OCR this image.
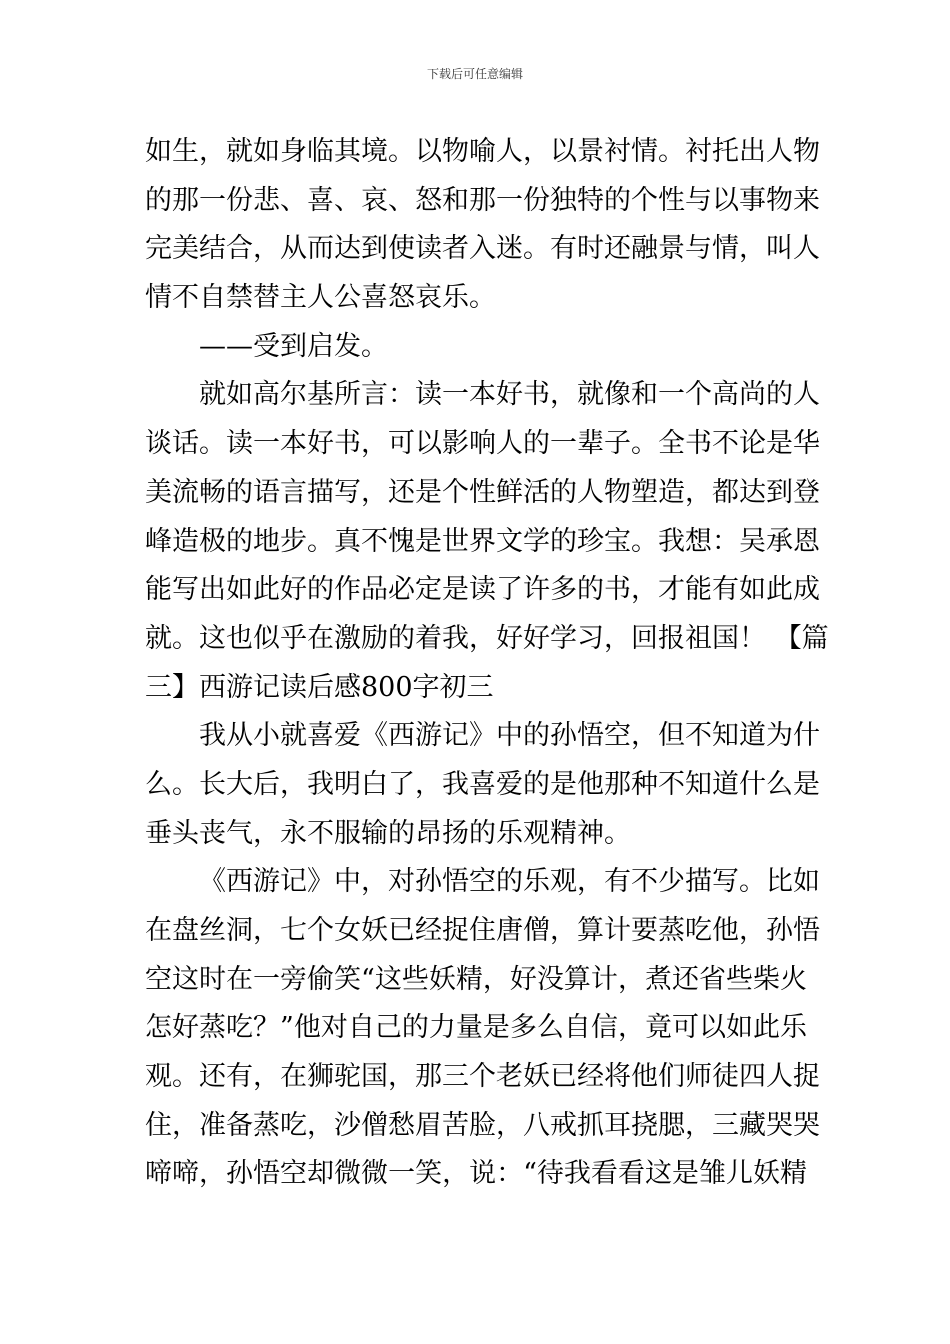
下载后可任意编辑
如生，就如身临其境。以物喻人，以景衬情。衬托出人物
的那一份悲、喜、哀、怒和那一份独特的个性与以事物来
完美结合，从而达到使读者入迷。有时还融景与情，叫人
情不自禁替主人公喜怒哀乐。
——受到启发。
就如高尔基所言：读一本好书，就像和一个高尚的人
谈话。读一本好书，可以影响人的一辈子。全书不论是华
美流畅的语言描写，还是个性鲜活的人物塑造，都达到登
峰造极的地步。真不愧是世界文学的珍宝。我想：吴承恩
能写出如此好的作品必定是读了许多的书，才能有如此成
就。这也似乎在激励的着我，好好学习，回报祖国！ 【篇
三】西游记读后感800字初三
我从小就喜爱《西游记》中的孙悟空，但不知道为什
么。长大后，我明白了，我喜爱的是他那种不知道什么是
垂头丧气，永不服输的昂扬的乐观精神。
《西游记》中，对孙悟空的乐观，有不少描写。比如
在盘丝洞，七个女妖已经捉住唐僧，算计要蒸吃他，孙悟
空这时在一旁偷笑“这些妖精，好没算计，煮还省些柴火
怎好蒸吃？”他对自己的力量是多么自信，竟可以如此乐
观。还有，在狮驼国，那三个老妖已经将他们师徒四人捉
住，准备蒸吃，沙僧愁眉苦脸，八戒抓耳挠腮，三藏哭哭
啼啼，孙悟空却微微一笑，说：“待我看看这是雏儿妖精
